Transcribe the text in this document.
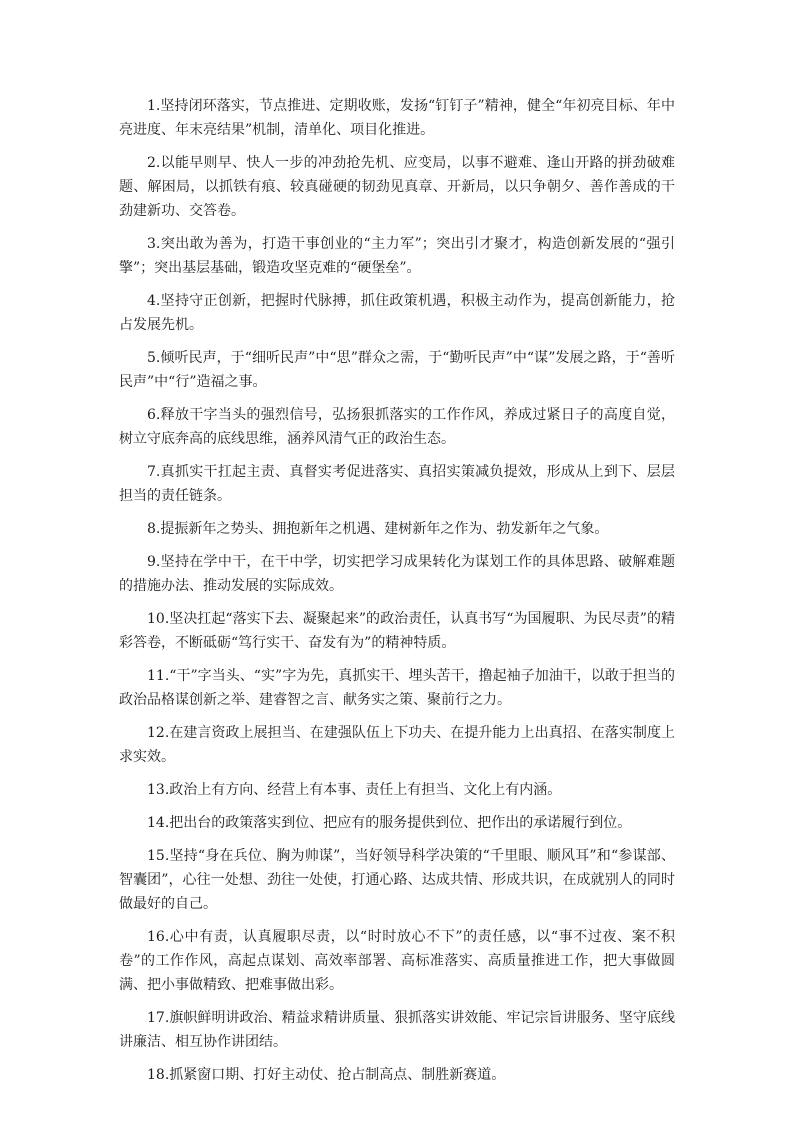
1.坚持闭环落实，节点推进、定期收账，发扬“钉钉子”精神，健全“年初亮目标、年中亮进度、年末亮结果”机制，清单化、项目化推进。

2.以能早则早、快人一步的冲劲抢先机、应变局，以事不避难、逢山开路的拼劲破难题、解困局，以抓铁有痕、较真碰硬的韧劲见真章、开新局，以只争朝夕、善作善成的干劲建新功、交答卷。

3.突出敢为善为，打造干事创业的“主力军”；突出引才聚才，构造创新发展的“强引擎”；突出基层基础，锻造攻坚克难的“硬堡垒”。

4.坚持守正创新，把握时代脉搏，抓住政策机遇，积极主动作为，提高创新能力，抢占发展先机。

5.倾听民声，于“细听民声”中“思”群众之需，于“勤听民声”中“谋”发展之路，于“善听民声”中“行”造福之事。

6.释放干字当头的强烈信号，弘扬狠抓落实的工作作风，养成过紧日子的高度自觉，树立守底奔高的底线思维，涵养风清气正的政治生态。

7.真抓实干扛起主责、真督实考促进落实、真招实策减负提效，形成从上到下、层层担当的责任链条。

8.提振新年之势头、拥抱新年之机遇、建树新年之作为、勃发新年之气象。

9.坚持在学中干，在干中学，切实把学习成果转化为谋划工作的具体思路、破解难题的措施办法、推动发展的实际成效。

10.坚决扛起“落实下去、凝聚起来”的政治责任，认真书写“为国履职、为民尽责”的精彩答卷，不断砥砺“笃行实干、奋发有为”的精神特质。

11.“干”字当头、“实”字为先，真抓实干、埋头苦干，撸起袖子加油干，以敢于担当的政治品格谋创新之举、建睿智之言、献务实之策、聚前行之力。

12.在建言资政上展担当、在建强队伍上下功夫、在提升能力上出真招、在落实制度上求实效。

13.政治上有方向、经营上有本事、责任上有担当、文化上有内涵。

14.把出台的政策落实到位、把应有的服务提供到位、把作出的承诺履行到位。

15.坚持“身在兵位、胸为帅谋”，当好领导科学决策的“千里眼、顺风耳”和“参谋部、智囊团”，心往一处想、劲往一处使，打通心路、达成共情、形成共识，在成就别人的同时做最好的自己。

16.心中有责，认真履职尽责，以“时时放心不下”的责任感，以“事不过夜、案不积卷”的工作作风，高起点谋划、高效率部署、高标准落实、高质量推进工作，把大事做圆满、把小事做精致、把难事做出彩。

17.旗帜鲜明讲政治、精益求精讲质量、狠抓落实讲效能、牢记宗旨讲服务、坚守底线讲廉洁、相互协作讲团结。

18.抓紧窗口期、打好主动仗、抢占制高点、制胜新赛道。
